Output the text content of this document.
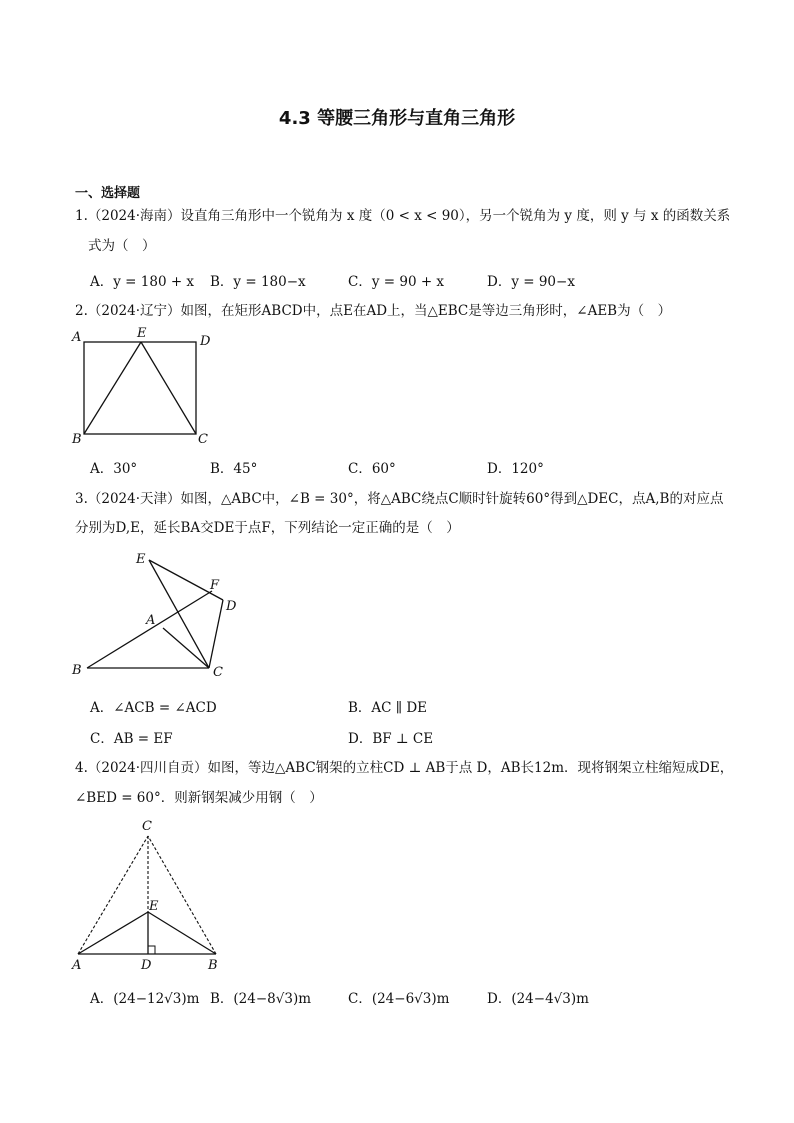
4.3 等腰三角形与直角三角形
一、选择题
1.（2024·海南）设直角三角形中一个锐角为 x 度（0 < x < 90），另一个锐角为 y 度，则 y 与 x 的函数关系
式为（　）
A．y = 180 + x B．y = 180−x	C．y = 90 + x	D．y = 90−x
2.（2024·辽宁）如图，在矩形ABCD中，点E在AD上，当△EBC是等边三角形时，∠AEB为（　）
A	E
D
B	C
A．30°	B．45°	C．60°	D．120°
3.（2024·天津）如图，△ABC中，∠B = 30°，将△ABC绕点C顺时针旋转60°得到△DEC，点A,B的对应点
分别为D,E，延长BA交DE于点F，下列结论一定正确的是（　）
E
F
D
A
B	C
A．∠ACB = ∠ACD	B．AC ∥ DE
C．AB = EF	D．BF ⊥ CE
4.（2024·四川自贡）如图，等边△ABC钢架的立柱CD ⊥ AB于点 D，AB长12m．现将钢架立柱缩短成DE，
∠BED = 60°．则新钢架减少用钢（　）
C
E
A	D	B
A．(24−12√3)m B．(24−8√3)m	C．(24−6√3)m	D．(24−4√3)m
